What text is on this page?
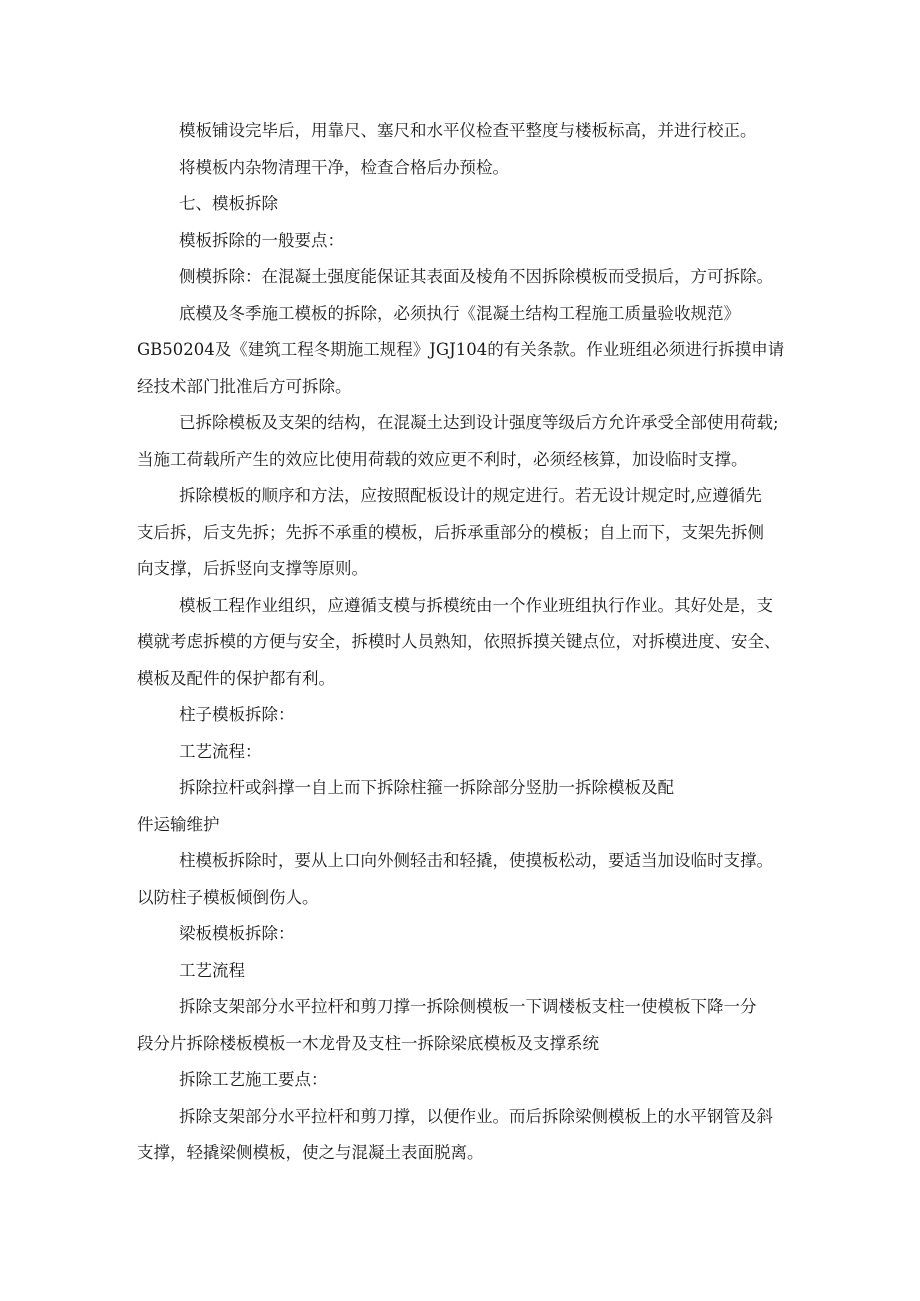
模板铺设完毕后，用靠尺、塞尺和水平仪检查平整度与楼板标高，并进行校正。

将模板内杂物清理干净，检查合格后办预检。

七、模板拆除

模板拆除的一般要点：

侧模拆除：在混凝土强度能保证其表面及棱角不因拆除模板而受损后，方可拆除。

底模及冬季施工模板的拆除，必须执行《混凝土结构工程施工质量验收规范》

GB50204及《建筑工程冬期施工规程》JGJ104的有关条款。作业班组必须进行拆摸申请

经技术部门批准后方可拆除。

已拆除模板及支架的结构，在混凝土达到设计强度等级后方允许承受全部使用荷载;

当施工荷载所产生的效应比使用荷载的效应更不利时，必须经核算，加设临时支撑。

拆除模板的顺序和方法，应按照配板设计的规定进行。若无设计规定时,应遵循先

支后拆，后支先拆；先拆不承重的模板，后拆承重部分的模板；自上而下，支架先拆侧

向支撑，后拆竖向支撑等原则。

模板工程作业组织，应遵循支模与拆模统由一个作业班组执行作业。其好处是，支

模就考虑拆模的方便与安全，拆模时人员熟知，依照拆摸关键点位，对拆模进度、安全、

模板及配件的保护都有利。

柱子模板拆除：

工艺流程：

拆除拉杆或斜撑一自上而下拆除柱箍一拆除部分竖肋一拆除模板及配

件运输维护

柱模板拆除时，要从上口向外侧轻击和轻撬，使摸板松动，要适当加设临时支撑。

以防柱子模板倾倒伤人。

梁板模板拆除：

工艺流程

拆除支架部分水平拉杆和剪刀撑一拆除侧模板一下调楼板支柱一使模板下降一分

段分片拆除楼板模板一木龙骨及支柱一拆除梁底模板及支撑系统

拆除工艺施工要点：

拆除支架部分水平拉杆和剪刀撑，以便作业。而后拆除梁侧模板上的水平钢管及斜

支撑，轻撬梁侧模板，使之与混凝土表面脱离。
